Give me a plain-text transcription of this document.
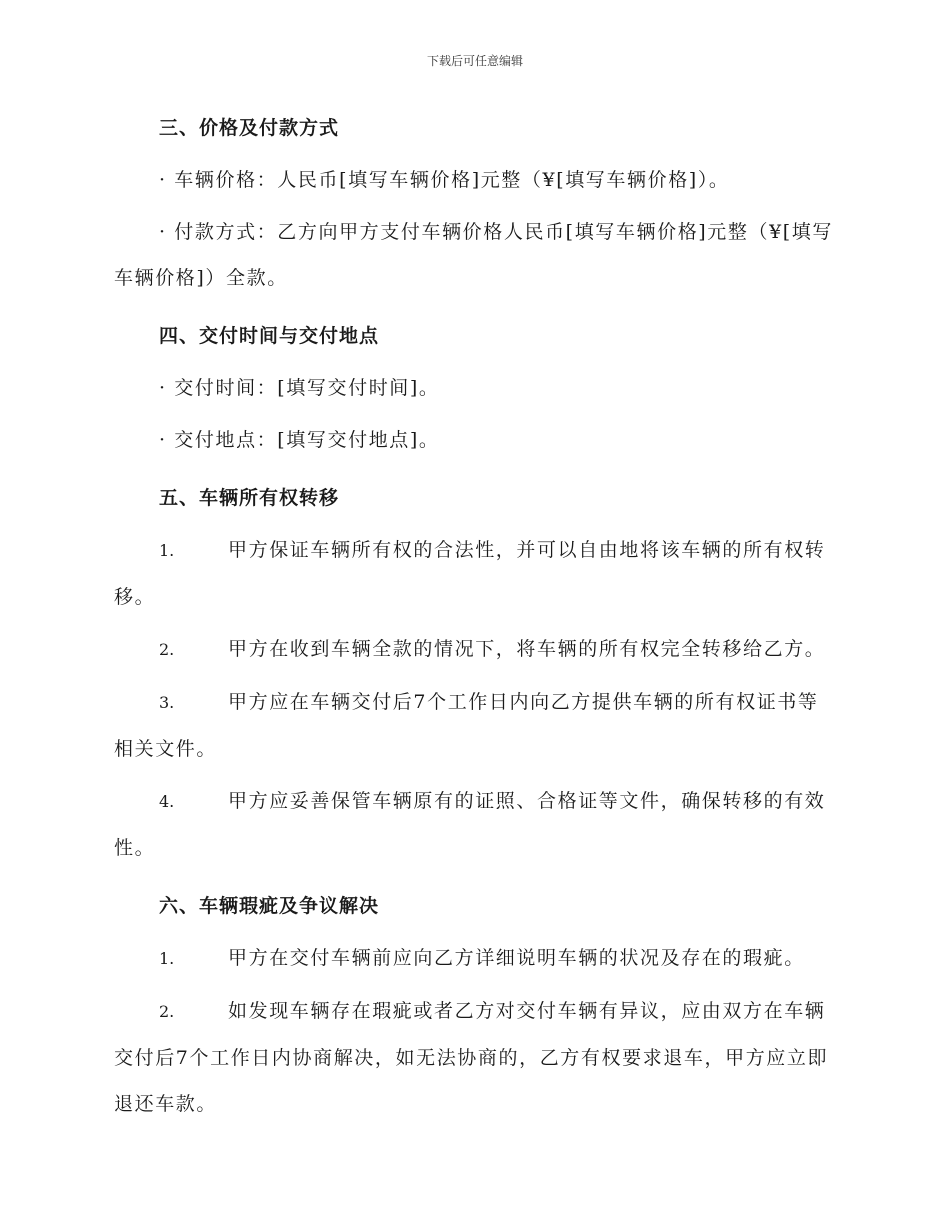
下载后可任意编辑

三、价格及付款方式

· 车辆价格：人民币[填写车辆价格]元整（¥[填写车辆价格]）。

· 付款方式：乙方向甲方支付车辆价格人民币[填写车辆价格]元整（¥[填写车辆价格]）全款。

四、交付时间与交付地点

· 交付时间：[填写交付时间]。

· 交付地点：[填写交付地点]。

五、车辆所有权转移

1.	甲方保证车辆所有权的合法性，并可以自由地将该车辆的所有权转移。

2.	甲方在收到车辆全款的情况下，将车辆的所有权完全转移给乙方。

3.	甲方应在车辆交付后7个工作日内向乙方提供车辆的所有权证书等相关文件。

4.	甲方应妥善保管车辆原有的证照、合格证等文件，确保转移的有效性。

六、车辆瑕疵及争议解决

1.	甲方在交付车辆前应向乙方详细说明车辆的状况及存在的瑕疵。

2.	如发现车辆存在瑕疵或者乙方对交付车辆有异议，应由双方在车辆交付后7个工作日内协商解决，如无法协商的，乙方有权要求退车，甲方应立即退还车款。
